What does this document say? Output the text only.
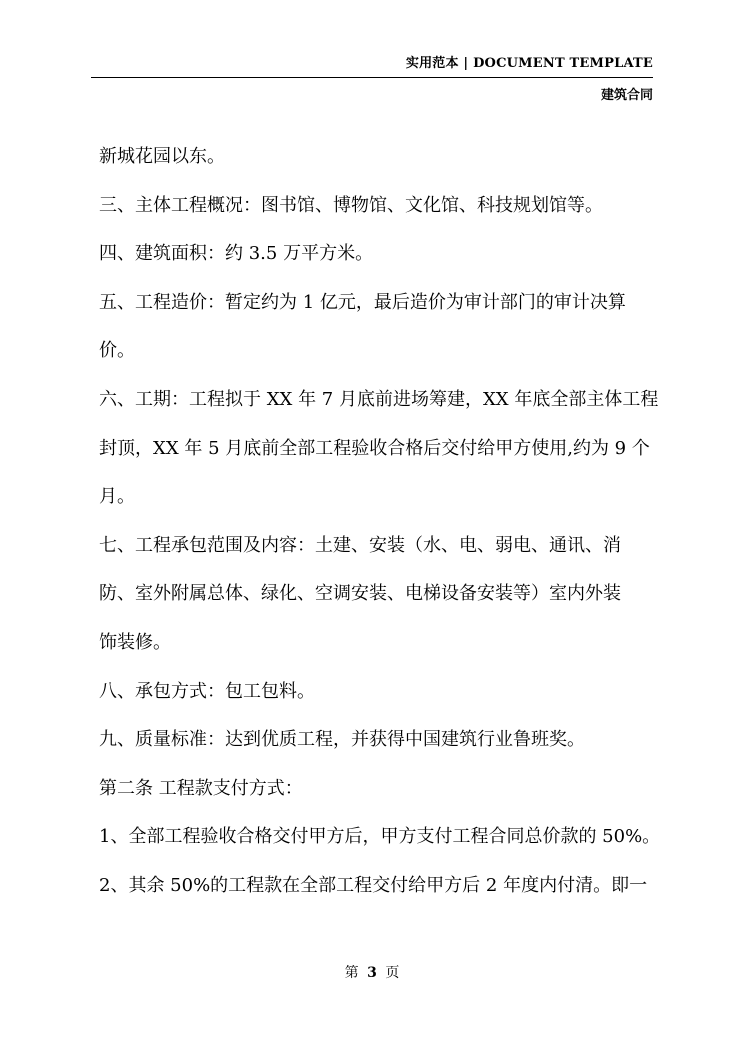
实用范本 | DOCUMENT TEMPLATE
建筑合同
新城花园以东。
三、主体工程概况：图书馆、博物馆、文化馆、科技规划馆等。
四、建筑面积：约 3.5 万平方米。
五、工程造价：暂定约为 1 亿元，最后造价为审计部门的审计决算
价。
六、工期：工程拟于 XX 年 7 月底前进场筹建，XX 年底全部主体工程
封顶，XX 年 5 月底前全部工程验收合格后交付给甲方使用,约为 9 个
月。
七、工程承包范围及内容：土建、安装（水、电、弱电、通讯、消
防、室外附属总体、绿化、空调安装、电梯设备安装等）室内外装
饰装修。
八、承包方式：包工包料。
九、质量标准：达到优质工程，并获得中国建筑行业鲁班奖。
第二条 工程款支付方式：
1、全部工程验收合格交付甲方后，甲方支付工程合同总价款的 50%。
2、其余 50%的工程款在全部工程交付给甲方后 2 年度内付清。即一
第 3 页
